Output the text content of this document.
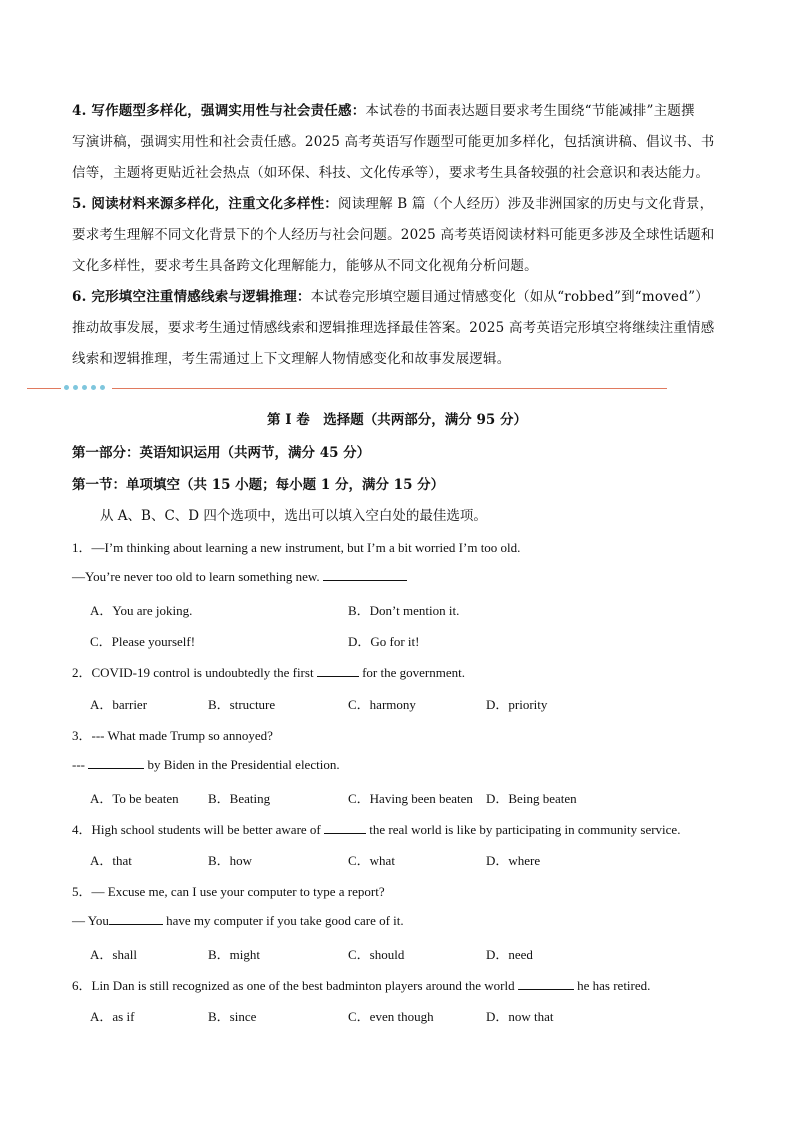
4. 写作题型多样化，强调实用性与社会责任感：本试卷的书面表达题目要求考生围绕“节能减排”主题撰
写演讲稿，强调实用性和社会责任感。2025 高考英语写作题型可能更加多样化，包括演讲稿、倡议书、书
信等，主题将更贴近社会热点（如环保、科技、文化传承等），要求考生具备较强的社会意识和表达能力。

5. 阅读材料来源多样化，注重文化多样性：阅读理解 B 篇（个人经历）涉及非洲国家的历史与文化背景，
要求考生理解不同文化背景下的个人经历与社会问题。2025 高考英语阅读材料可能更多涉及全球性话题和
文化多样性，要求考生具备跨文化理解能力，能够从不同文化视角分析问题。

6. 完形填空注重情感线索与逻辑推理：本试卷完形填空题目通过情感变化（如从“robbed”到“moved”）
推动故事发展，要求考生通过情感线索和逻辑推理选择最佳答案。2025 高考英语完形填空将继续注重情感
线索和逻辑推理，考生需通过上下文理解人物情感变化和故事发展逻辑。

第 I 卷　选择题（共两部分，满分 95 分）
第一部分：英语知识运用（共两节，满分 45 分）
第一节：单项填空（共 15 小题；每小题 1 分，满分 15 分）
从 A、B、C、D 四个选项中，选出可以填入空白处的最佳选项。
1．—I’m thinking about learning a new instrument, but I’m a bit worried I’m too old.
—You’re never too old to learn something new.
A．You are joking.	B．Don’t mention it.
C．Please yourself!	D．Go for it!
2．COVID-19 control is undoubtedly the first	for the government.
A．barrier	B．structure	C．harmony	D．priority
3．--- What made Trump so annoyed?
---	by Biden in the Presidential election.
A．To be beaten B．Beating	C．Having been beaten D．Being beaten
4．High school students will be better aware of	the real world is like by participating in community service.
A．that	B．how	C．what	D．where
5．— Excuse me, can I use your computer to type a report?
— You	have my computer if you take good care of it.
A．shall	B．might	C．should	D．need
6．Lin Dan is still recognized as one of the best badminton players around the world	he has retired.
A．as if	B．since	C．even though	D．now that
